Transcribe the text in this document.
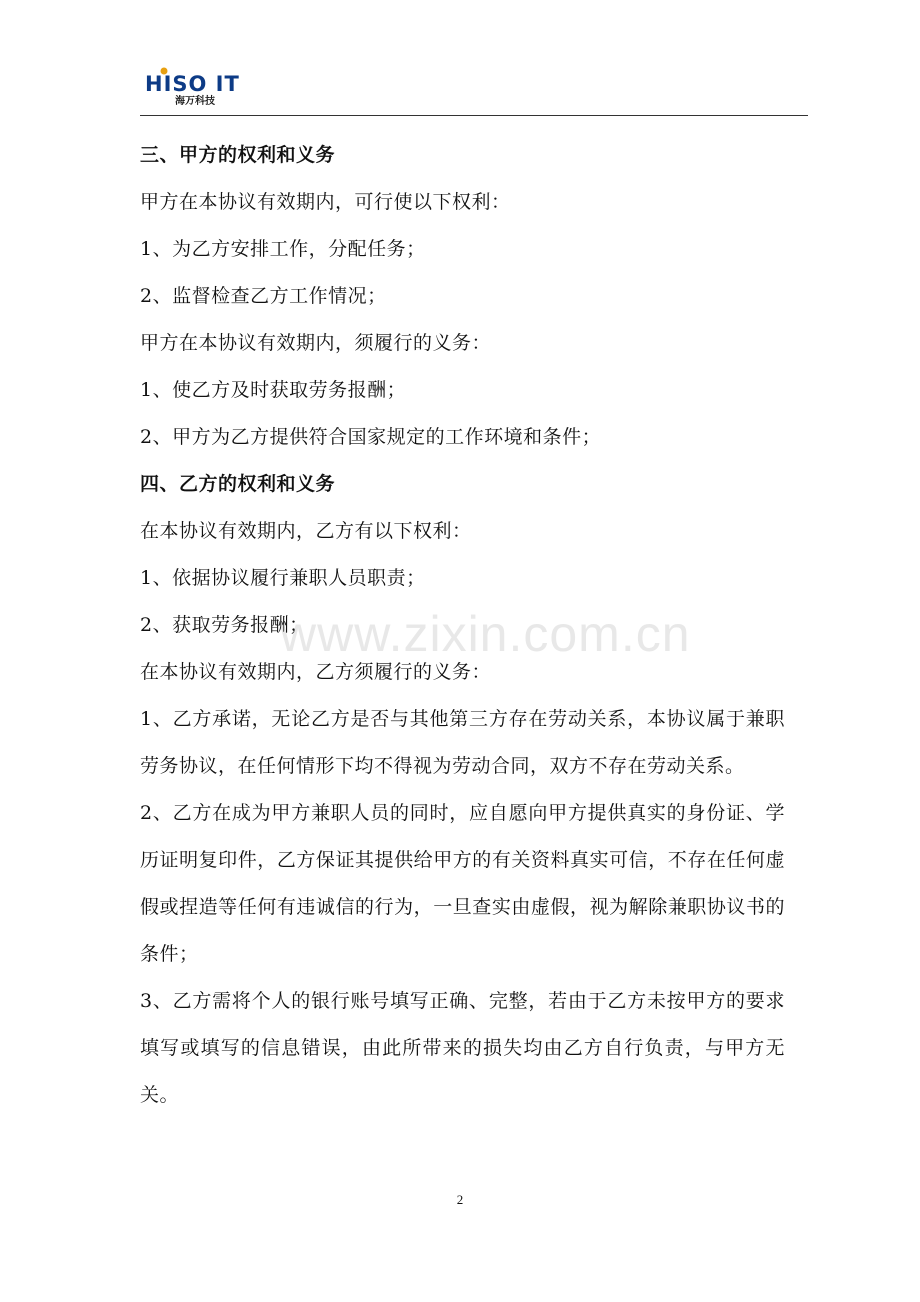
HISO IT
海万科技
三、甲方的权利和义务
甲方在本协议有效期内，可行使以下权利：
1、为乙方安排工作，分配任务；
2、监督检查乙方工作情况；
甲方在本协议有效期内，须履行的义务：
1、使乙方及时获取劳务报酬；
2、甲方为乙方提供符合国家规定的工作环境和条件；
四、乙方的权利和义务
在本协议有效期内，乙方有以下权利：
1、依据协议履行兼职人员职责；
2、获取劳务报酬；
在本协议有效期内，乙方须履行的义务：
1、乙方承诺，无论乙方是否与其他第三方存在劳动关系，本协议属于兼职劳务协议，在任何情形下均不得视为劳动合同，双方不存在劳动关系。
2、乙方在成为甲方兼职人员的同时，应自愿向甲方提供真实的身份证、学历证明复印件，乙方保证其提供给甲方的有关资料真实可信，不存在任何虚假或捏造等任何有违诚信的行为，一旦查实由虚假，视为解除兼职协议书的条件；
3、乙方需将个人的银行账号填写正确、完整，若由于乙方未按甲方的要求填写或填写的信息错误，由此所带来的损失均由乙方自行负责，与甲方无关。
www.zixin.com.cn
2
